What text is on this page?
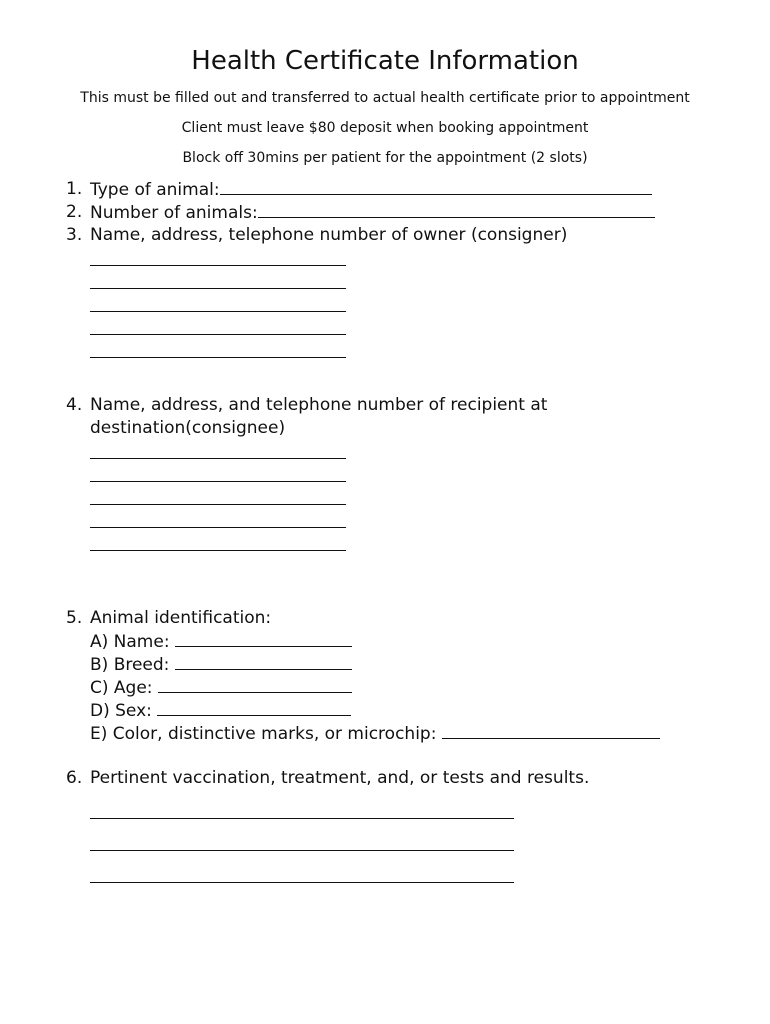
Health Certificate Information

This must be filled out and transferred to actual health certificate prior to appointment

Client must leave $80 deposit when booking appointment

Block off 30mins per patient for the appointment (2 slots)

1. Type of animal:
2. Number of animals:
3. Name, address, telephone number of owner (consigner)
4. Name, address, and telephone number of recipient at
destination(consignee)
5. Animal identification:
A) Name:
B) Breed:
C) Age:
D) Sex:
E) Color, distinctive marks, or microchip:
6. Pertinent vaccination, treatment, and, or tests and results.
